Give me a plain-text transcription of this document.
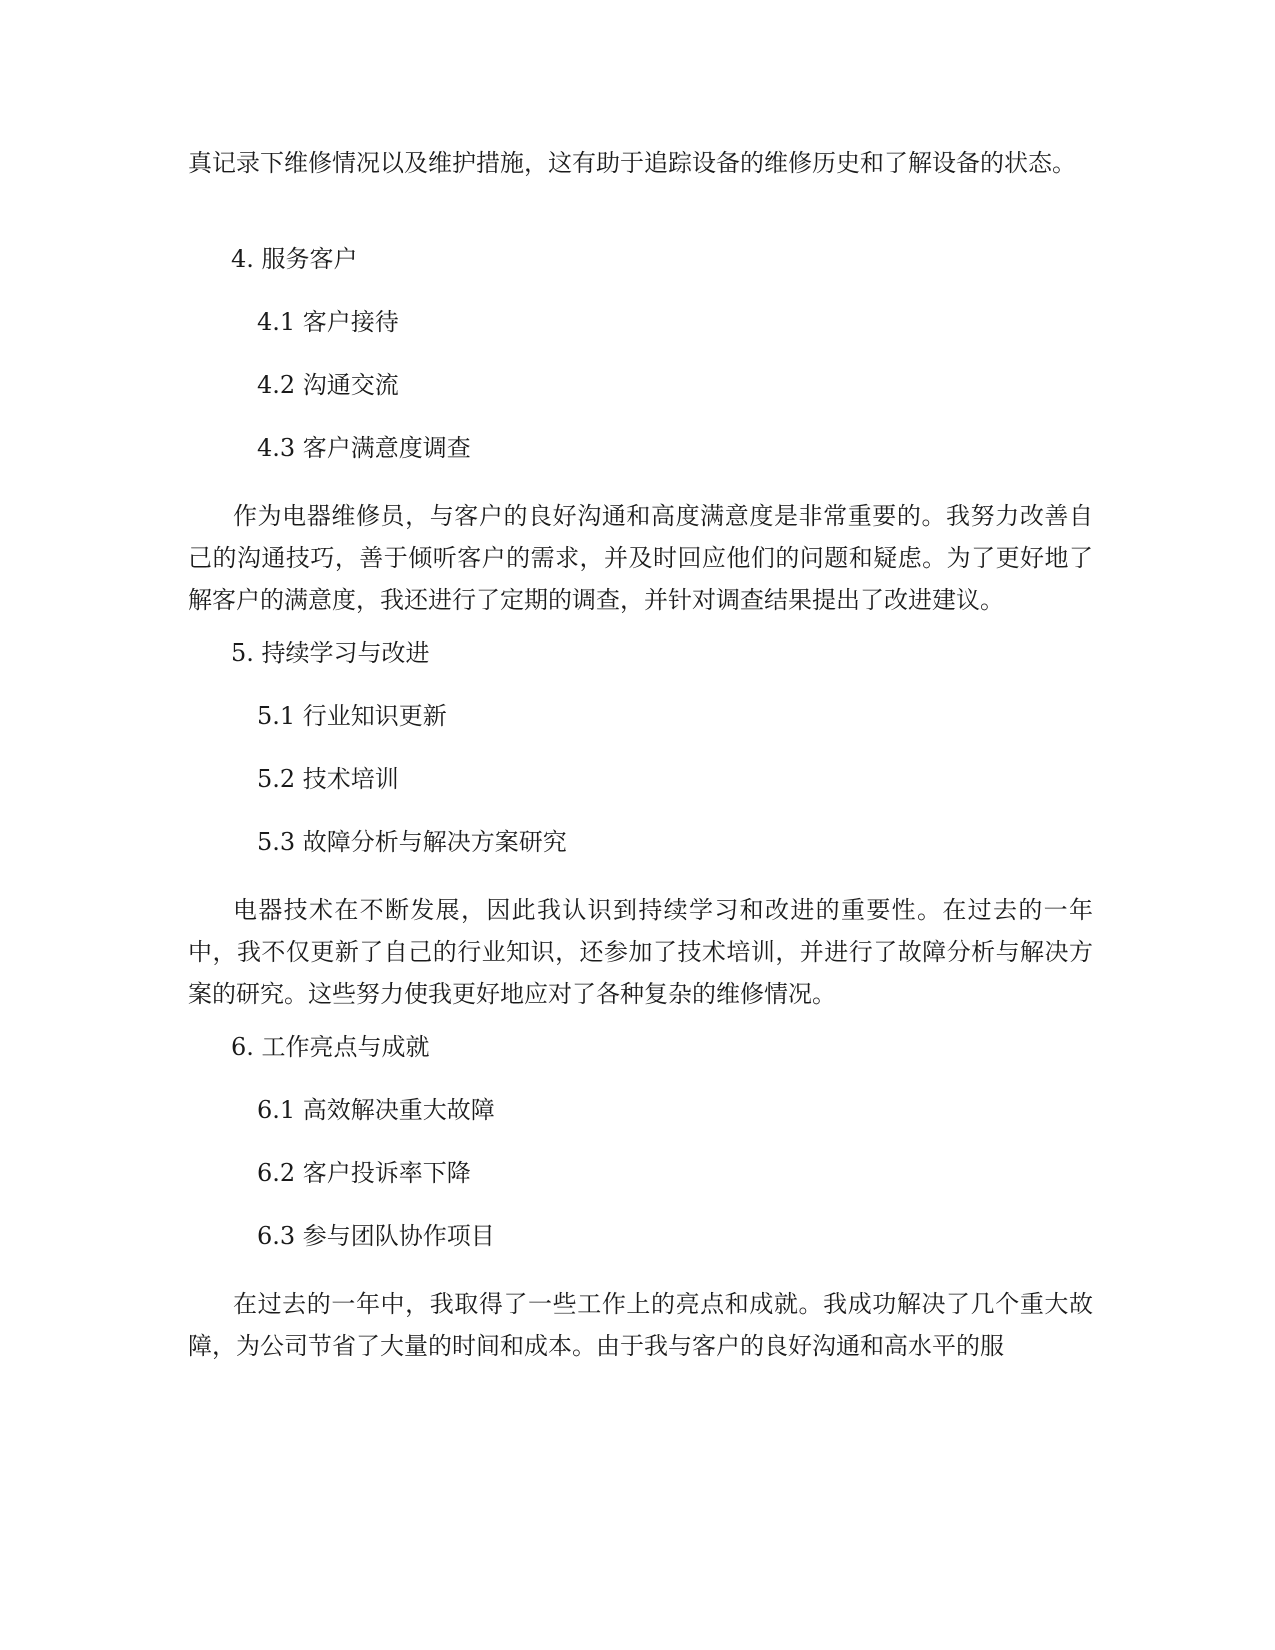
真记录下维修情况以及维护措施，这有助于追踪设备的维修历史和了解设备的状态。

4. 服务客户

4.1 客户接待

4.2 沟通交流

4.3 客户满意度调查

作为电器维修员，与客户的良好沟通和高度满意度是非常重要的。我努力改善自己的沟通技巧，善于倾听客户的需求，并及时回应他们的问题和疑虑。为了更好地了解客户的满意度，我还进行了定期的调查，并针对调查结果提出了改进建议。

5. 持续学习与改进

5.1 行业知识更新

5.2 技术培训

5.3 故障分析与解决方案研究

电器技术在不断发展，因此我认识到持续学习和改进的重要性。在过去的一年中，我不仅更新了自己的行业知识，还参加了技术培训，并进行了故障分析与解决方案的研究。这些努力使我更好地应对了各种复杂的维修情况。

6. 工作亮点与成就

6.1 高效解决重大故障

6.2 客户投诉率下降

6.3 参与团队协作项目

在过去的一年中，我取得了一些工作上的亮点和成就。我成功解决了几个重大故障，为公司节省了大量的时间和成本。由于我与客户的良好沟通和高水平的服
